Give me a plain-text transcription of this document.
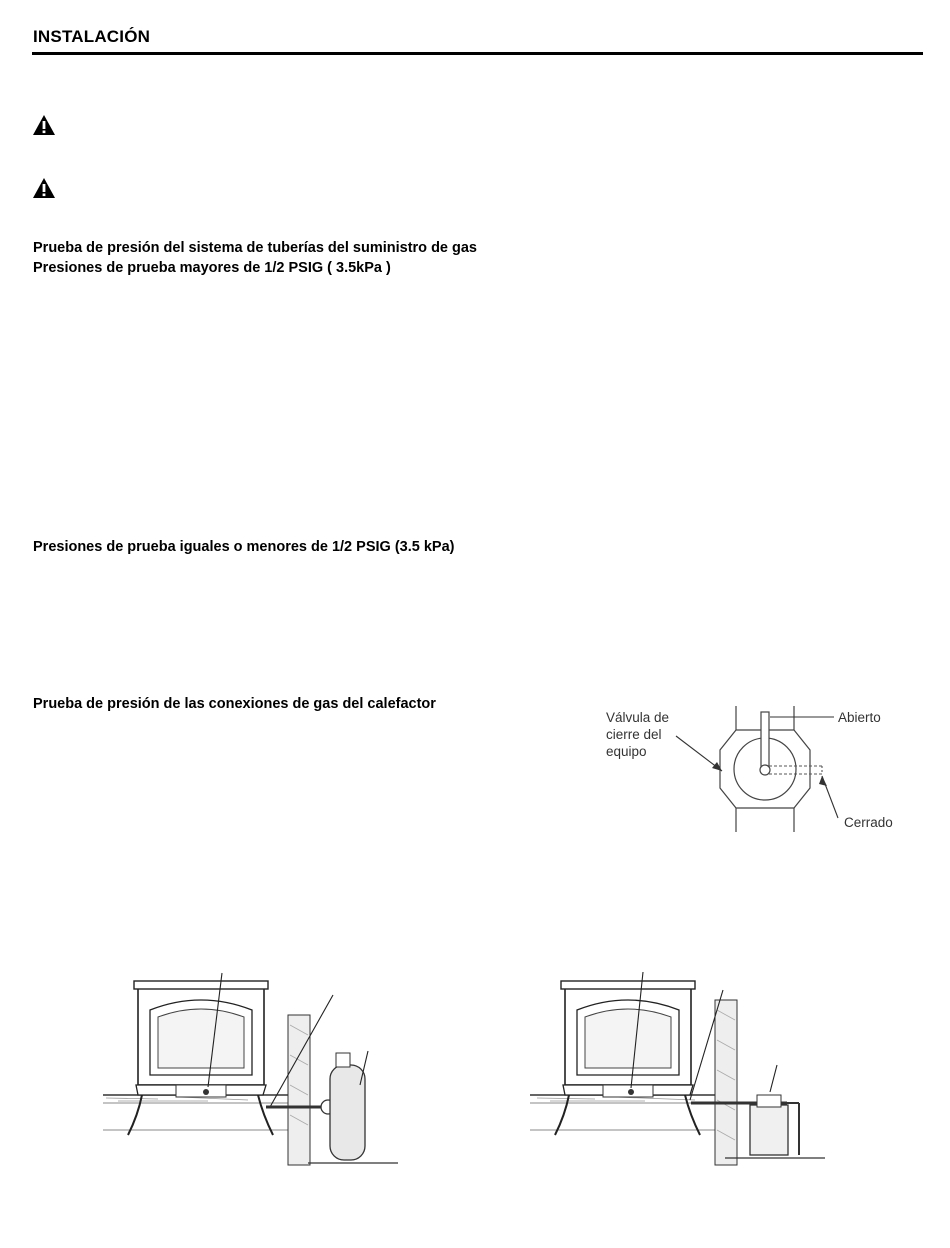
INSTALACIÓN
Prueba de presión del sistema de tuberías del suministro de gas
Presiones de prueba mayores de 1/2 PSIG ( 3.5kPa )
Presiones de prueba iguales o menores de 1/2 PSIG (3.5 kPa)
Prueba de presión de las conexiones de gas del calefactor
Válvula de
cierre del
equipo
Abierto
Cerrado
